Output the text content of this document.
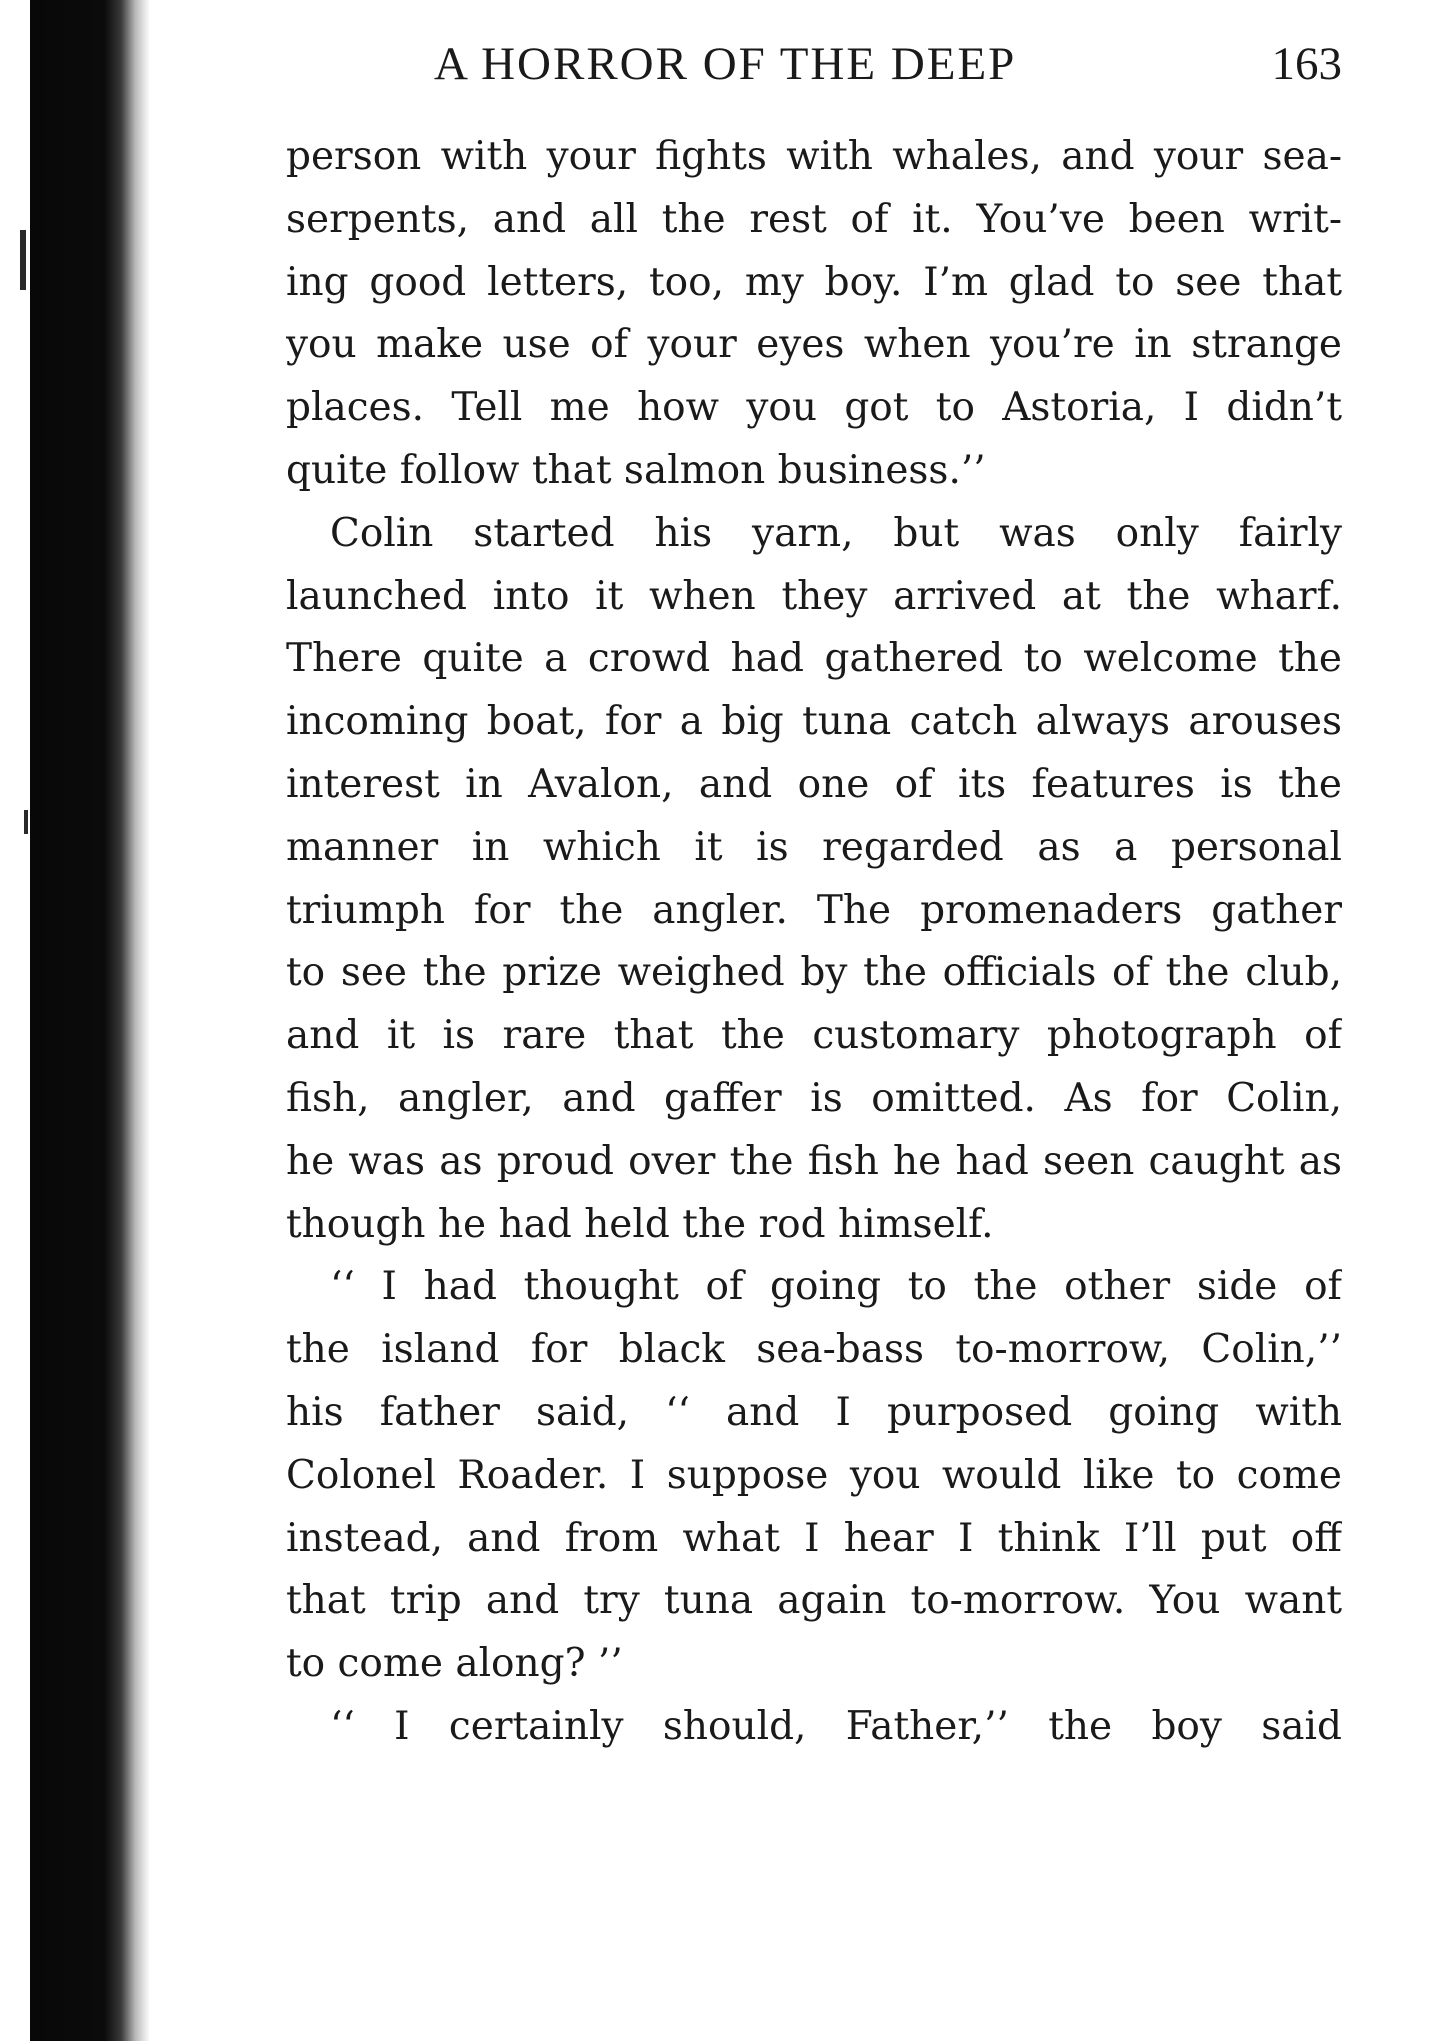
A HORROR OF THE DEEP	163
person with your fights with whales, and your sea-
serpents, and all the rest of it. You’ve been writ-
ing good letters, too, my boy. I’m glad to see that
you make use of your eyes when you’re in strange
places. Tell me how you got to Astoria, I didn’t
quite follow that salmon business.’’
Colin started his yarn, but was only fairly
launched into it when they arrived at the wharf.
There quite a crowd had gathered to welcome the
incoming boat, for a big tuna catch always arouses
interest in Avalon, and one of its features is the
manner in which it is regarded as a personal
triumph for the angler. The promenaders gather
to see the prize weighed by the officials of the club,
and it is rare that the customary photograph of
fish, angler, and gaffer is omitted. As for Colin,
he was as proud over the fish he had seen caught as
though he had held the rod himself.
‘‘ I had thought of going to the other side of
the island for black sea-bass to-morrow, Colin,’’
his father said, ‘‘ and I purposed going with
Colonel Roader. I suppose you would like to come
instead, and from what I hear I think I’ll put off
that trip and try tuna again to-morrow. You want
to come along? ’’
‘‘ I certainly should, Father,’’ the boy said
